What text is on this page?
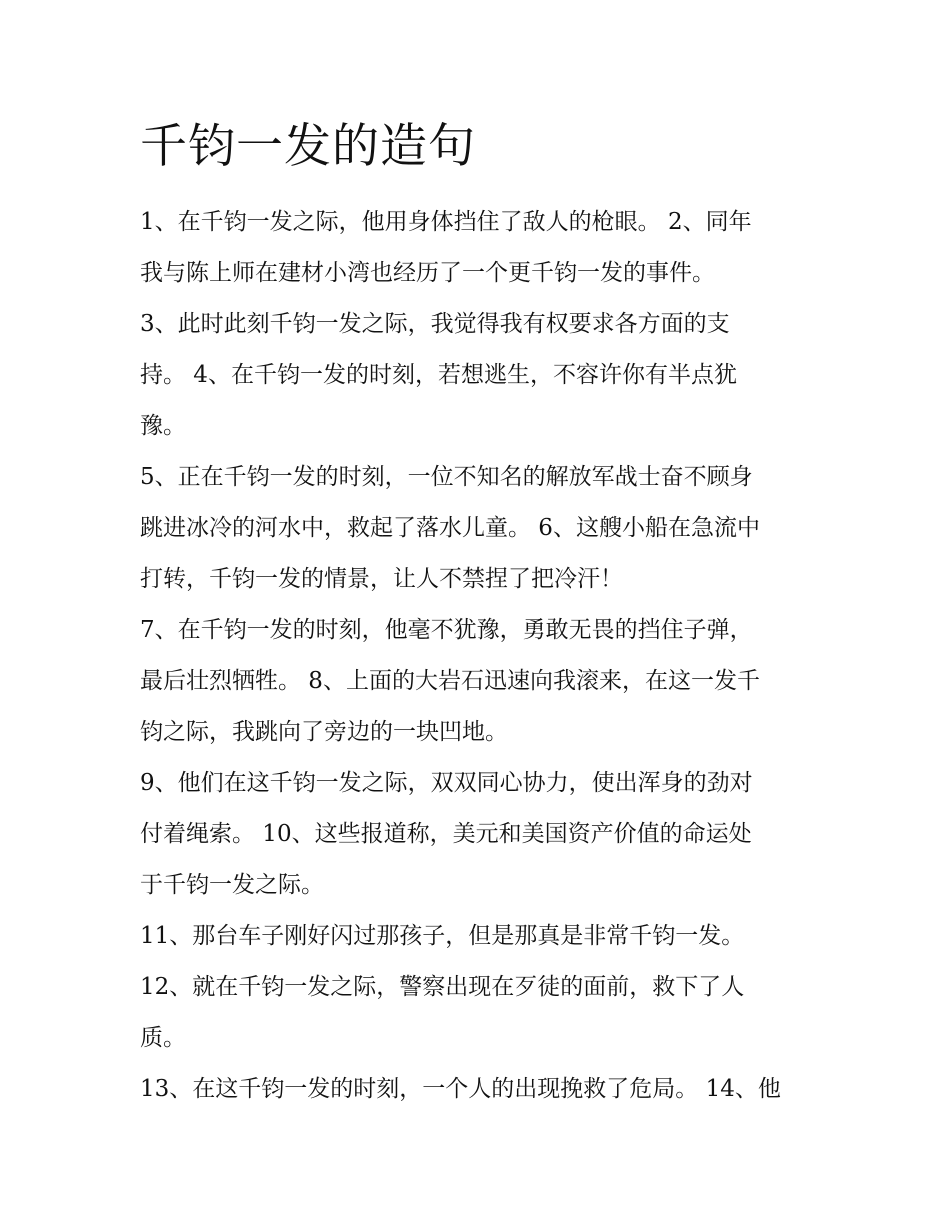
千钧一发的造句

1、在千钧一发之际，他用身体挡住了敌人的枪眼。 2、同年

我与陈上师在建材小湾也经历了一个更千钧一发的事件。

3、此时此刻千钧一发之际，我觉得我有权要求各方面的支

持。 4、在千钧一发的时刻，若想逃生，不容许你有半点犹

豫。

5、正在千钧一发的时刻，一位不知名的解放军战士奋不顾身

跳进冰冷的河水中，救起了落水儿童。 6、这艘小船在急流中

打转，千钧一发的情景，让人不禁捏了把冷汗！

7、在千钧一发的时刻，他毫不犹豫，勇敢无畏的挡住子弹，

最后壮烈牺牲。 8、上面的大岩石迅速向我滚来，在这一发千

钧之际，我跳向了旁边的一块凹地。

9、他们在这千钧一发之际，双双同心协力，使出浑身的劲对

付着绳索。 10、这些报道称，美元和美国资产价值的命运处

于千钧一发之际。

11、那台车子刚好闪过那孩子，但是那真是非常千钧一发。

12、就在千钧一发之际，警察出现在歹徒的面前，救下了人

质。

13、在这千钧一发的时刻，一个人的出现挽救了危局。 14、他
